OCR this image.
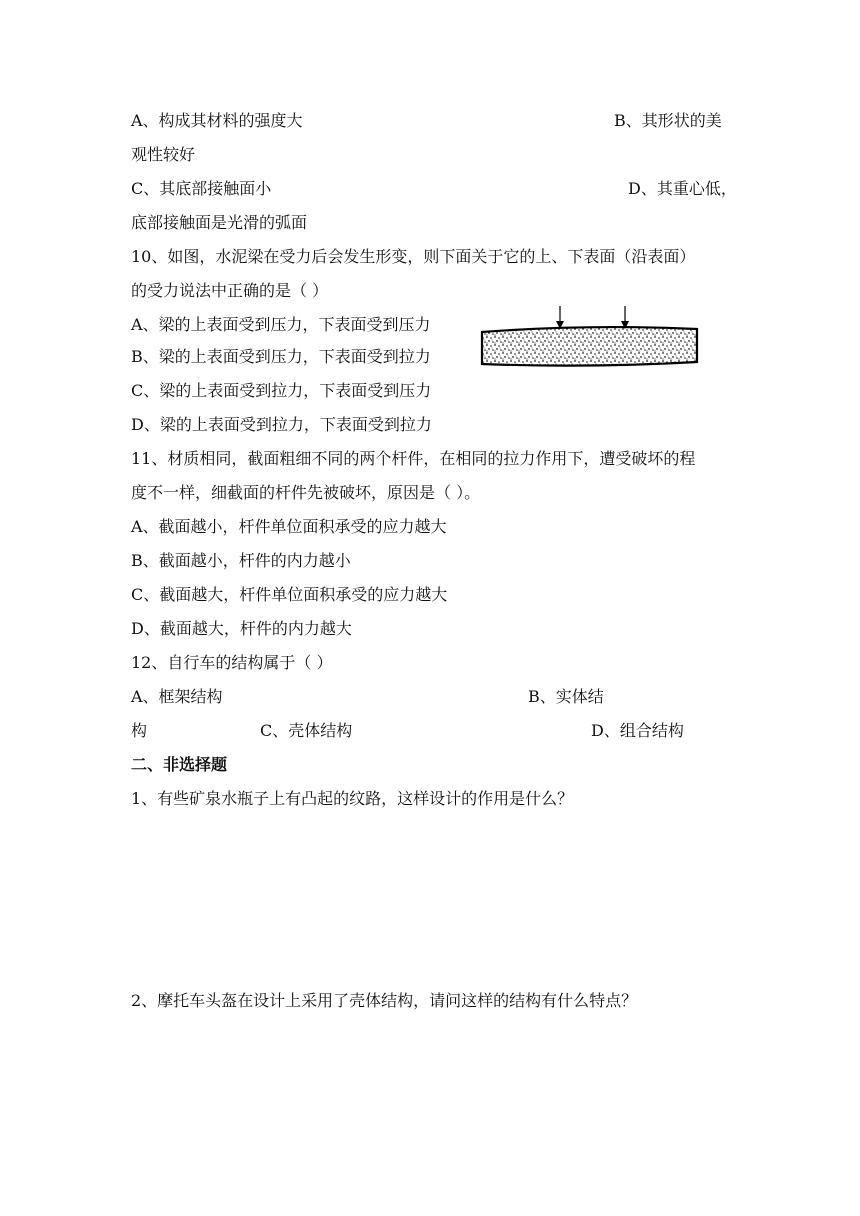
A、构成其材料的强度大	B、其形状的美
观性较好
C、其底部接触面小	D、其重心低，
底部接触面是光滑的弧面
10、如图，水泥梁在受力后会发生形变，则下面关于它的上、下表面（沿表面）
的受力说法中正确的是（ ）
A、梁的上表面受到压力，下表面受到压力
B、梁的上表面受到压力，下表面受到拉力
C、梁的上表面受到拉力，下表面受到压力
D、梁的上表面受到拉力，下表面受到拉力
11、材质相同，截面粗细不同的两个杆件，在相同的拉力作用下，遭受破坏的程
度不一样，细截面的杆件先被破坏，原因是（ ）。
A、截面越小，杆件单位面积承受的应力越大
B、截面越小，杆件的内力越小
C、截面越大，杆件单位面积承受的应力越大
D、截面越大，杆件的内力越大
12、自行车的结构属于（ ）
A、框架结构	B、实体结
构	C、壳体结构	D、组合结构
二、非选择题
1、有些矿泉水瓶子上有凸起的纹路，这样设计的作用是什么？
2、摩托车头盔在设计上采用了壳体结构，请问这样的结构有什么特点？
